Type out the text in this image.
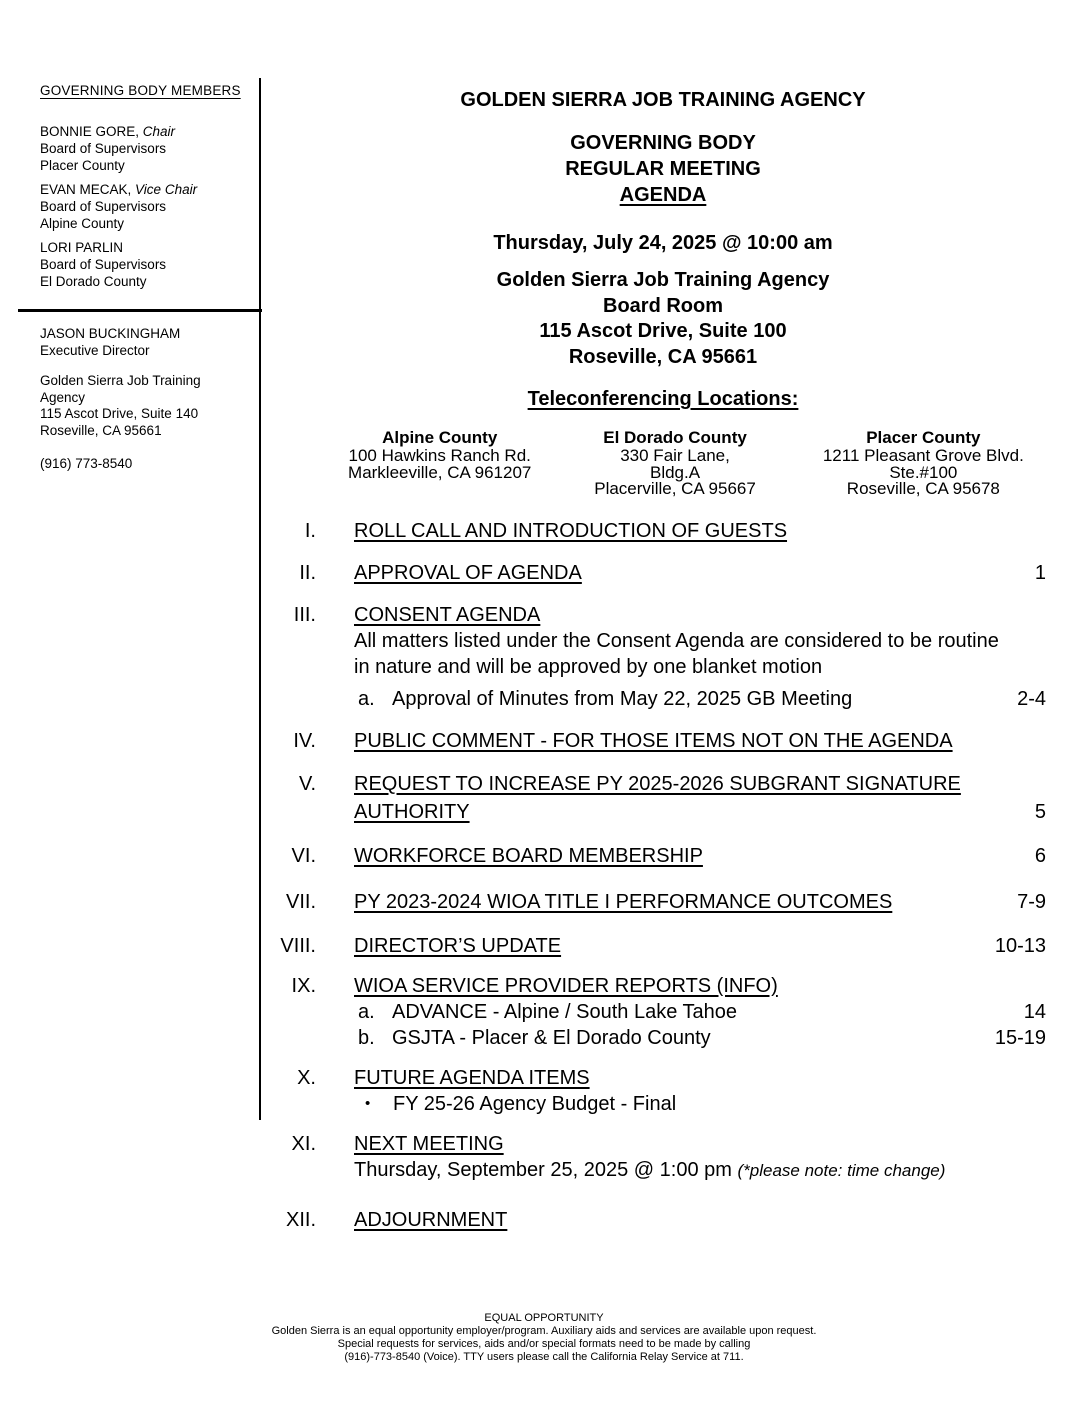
GOVERNING BODY MEMBERS
BONNIE GORE, Chair
Board of Supervisors
Placer County
EVAN MECAK, Vice Chair
Board of Supervisors
Alpine County
LORI PARLIN
Board of Supervisors
El Dorado County
JASON BUCKINGHAM
Executive Director
Golden Sierra Job Training
Agency
115 Ascot Drive, Suite 140
Roseville, CA 95661
(916) 773-8540
GOLDEN SIERRA JOB TRAINING AGENCY
GOVERNING BODY
REGULAR MEETING
AGENDA
Thursday, July 24, 2025 @ 10:00 am
Golden Sierra Job Training Agency
Board Room
115 Ascot Drive, Suite 100
Roseville, CA 95661
Teleconferencing Locations:
Alpine County
100 Hawkins Ranch Rd.
Markleeville, CA 961207
El Dorado County
330 Fair Lane,
Bldg.A
Placerville, CA 95667
Placer County
1211 Pleasant Grove Blvd.
Ste.#100
Roseville, CA 95678
I. ROLL CALL AND INTRODUCTION OF GUESTS
II. APPROVAL OF AGENDA	1
III. CONSENT AGENDA
All matters listed under the Consent Agenda are considered to be routine
in nature and will be approved by one blanket motion
a. Approval of Minutes from May 22, 2025 GB Meeting	2-4
IV. PUBLIC COMMENT - FOR THOSE ITEMS NOT ON THE AGENDA
V. REQUEST TO INCREASE PY 2025-2026 SUBGRANT SIGNATURE
AUTHORITY	5
VI. WORKFORCE BOARD MEMBERSHIP	6
VII. PY 2023-2024 WIOA TITLE I PERFORMANCE OUTCOMES	7-9
VIII. DIRECTOR’S UPDATE	10-13
IX. WIOA SERVICE PROVIDER REPORTS (INFO)
a. ADVANCE - Alpine / South Lake Tahoe	14
b. GSJTA - Placer & El Dorado County	15-19
X. FUTURE AGENDA ITEMS
•	FY 25-26 Agency Budget - Final
XI. NEXT MEETING
Thursday, September 25, 2025 @ 1:00 pm (*please note: time change)
XII. ADJOURNMENT
EQUAL OPPORTUNITY
Golden Sierra is an equal opportunity employer/program. Auxiliary aids and services are available upon request.
Special requests for services, aids and/or special formats need to be made by calling
(916)-773-8540 (Voice). TTY users please call the California Relay Service at 711.
